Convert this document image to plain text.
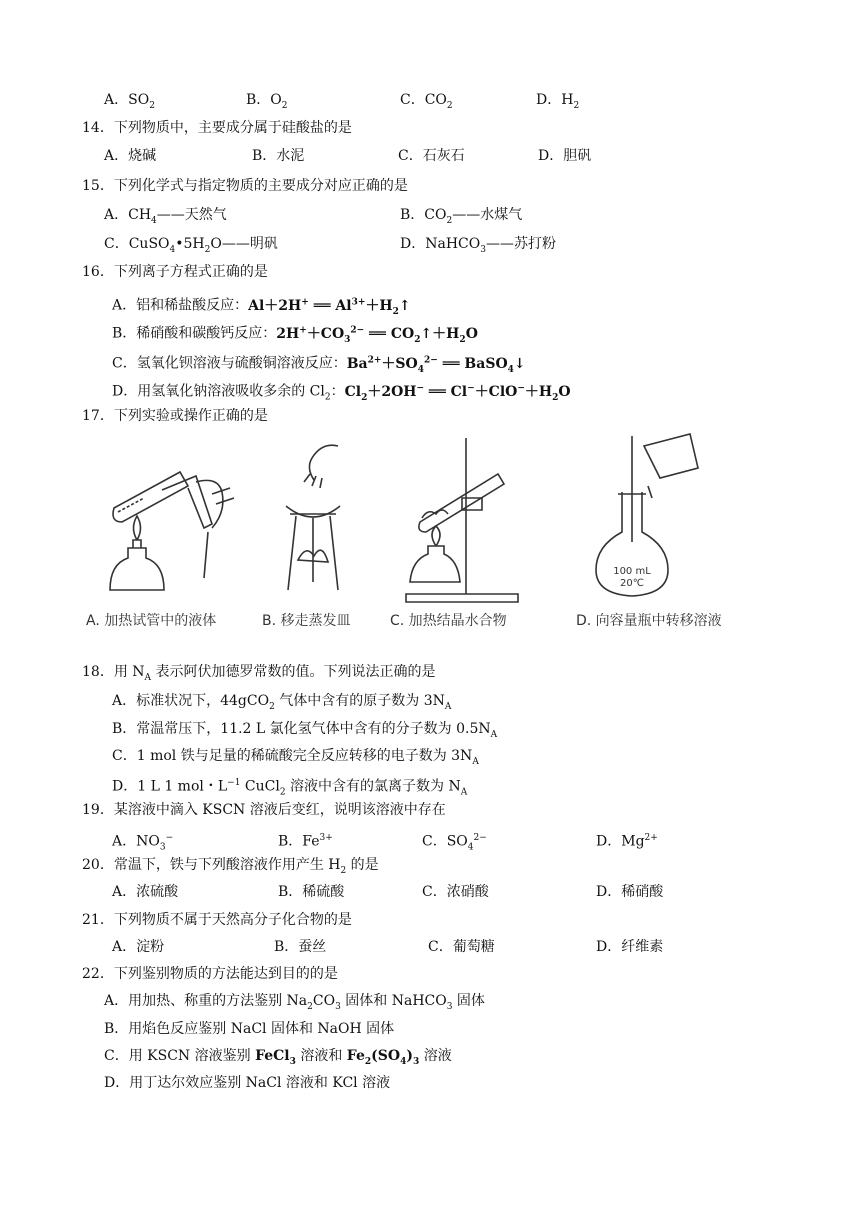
A．$SO_2$	B．$O_2$	C．$CO_2$	D．$H_2$
14．下列物质中，主要成分属于硅酸盐的是
A．烧碱	B．水泥	C．石灰石	D．胆矾
15．下列化学式与指定物质的主要成分对应正确的是
A．$CH_4——$天然气	B．$CO_2——$水煤气
C．$CuSO_4•5H_2O——$明矾	D．NaHCO$_3$——苏打粉
16．下列离子方程式正确的是
A．铝和稀盐酸反应：Al＋2H+ ══ $Al^{3+}+H_2↑$
B．稀硝酸和碳酸钙反应：$2H^++CO_3^{2-}$ ══ $CO_2↑+H_2O$
C．氢氧化钡溶液与硫酸铜溶液反应：$Ba^{2+}+SO_4^{2-}$ ══ BaSO$_4$↓
D．用氢氧化钠溶液吸收多余的 $Cl_2$：$Cl_2+2OH^-$ ══ $Cl^-+ClO^-+H_2O$
17．下列实验或操作正确的是
100 mL
20℃
A. 加热试管中的液体	B. 移走蒸发皿	C. 加热结晶水合物	D. 向容量瓶中转移溶液
18．用 $N_A$ 表示阿伏加德罗常数的值。下列说法正确的是
A．标准状况下，44gCO$_2$ 气体中含有的原子数为 $3N_A$
B．常温常压下，11.2 L 氯化氢气体中含有的分子数为 $0.5N_A$
C．1 mol 铁与足量的稀硫酸完全反应转移的电子数为 $3N_A$
D．1 L 1 mol・$L^{-1}$ CuCl$_2$ 溶液中含有的氯离子数为 $N_A$
19．某溶液中滴入 KSCN 溶液后变红，说明该溶液中存在
A．$NO_3^-$	B．$Fe^{3+}$	C．$SO_4^{2-}$	D．$Mg^{2+}$
20．常温下，铁与下列酸溶液作用产生 $H_2$ 的是
A．浓硫酸	B．稀硫酸	C．浓硝酸	D．稀硝酸
21．下列物质不属于天然高分子化合物的是
A．淀粉	B．蚕丝	C．葡萄糖	D．纤维素
22．下列鉴别物质的方法能达到目的的是
A．用加热、称重的方法鉴别 $Na_2CO_3$ 固体和 NaHCO$_3$ 固体
B．用焰色反应鉴别 NaCl 固体和 NaOH 固体
C．用 KSCN 溶液鉴别 FeCl$_3$ 溶液和 $Fe_2(SO_4)_3$ 溶液
D．用丁达尔效应鉴别 NaCl 溶液和 KCl 溶液
